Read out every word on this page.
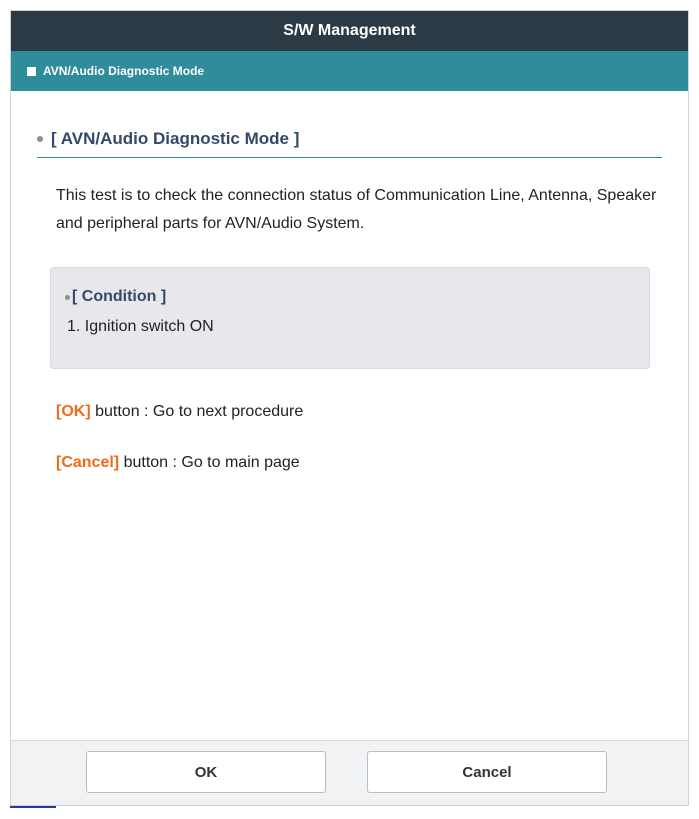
S/W Management
AVN/Audio Diagnostic Mode
[ AVN/Audio Diagnostic Mode ]
This test is to check the connection status of Communication Line, Antenna, Speaker and peripheral parts for AVN/Audio System.
[ Condition ]
1. Ignition switch ON
[OK] button : Go to next procedure
[Cancel] button : Go to main page
OK	Cancel
